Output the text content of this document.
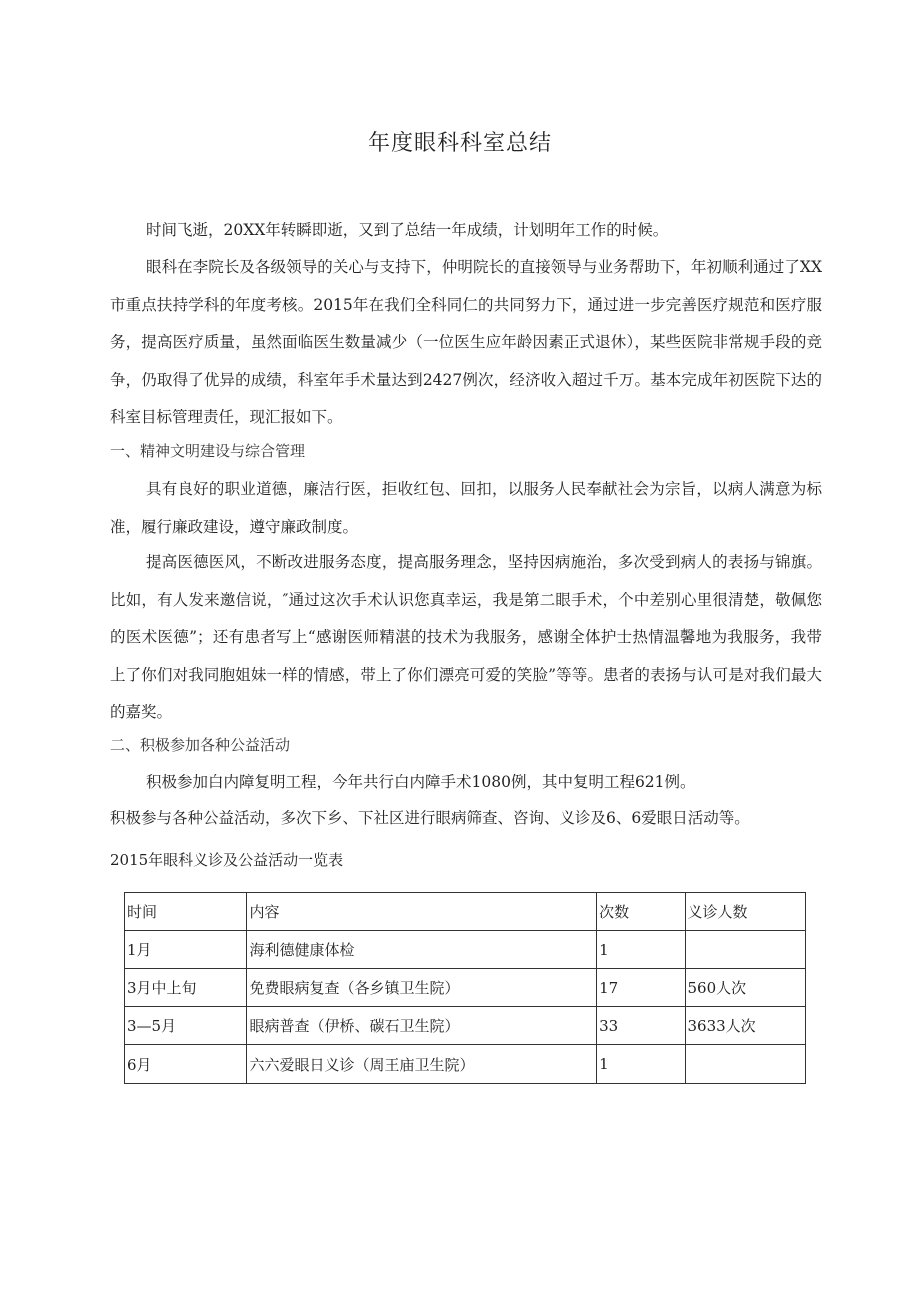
年度眼科科室总结

时间飞逝，20XX年转瞬即逝，又到了总结一年成绩，计划明年工作的时候。

眼科在李院长及各级领导的关心与支持下，仲明院长的直接领导与业务帮助下，年初顺利通过了XX市重点扶持学科的年度考核。2015年在我们全科同仁的共同努力下，通过进一步完善医疗规范和医疗服务，提高医疗质量，虽然面临医生数量减少（一位医生应年龄因素正式退休），某些医院非常规手段的竞争，仍取得了优异的成绩，科室年手术量达到2427例次，经济收入超过千万。基本完成年初医院下达的科室目标管理责任，现汇报如下。

一、精神文明建设与综合管理

具有良好的职业道德，廉洁行医，拒收红包、回扣，以服务人民奉献社会为宗旨，以病人满意为标准，履行廉政建设，遵守廉政制度。

提高医德医风，不断改进服务态度，提高服务理念，坚持因病施治，多次受到病人的表扬与锦旗。比如，有人发来邀信说，″通过这次手术认识您真幸运，我是第二眼手术，个中差别心里很清楚，敬佩您的医术医德”；还有患者写上“感谢医师精湛的技术为我服务，感谢全体护士热情温馨地为我服务，我带上了你们对我同胞姐妹一样的情感，带上了你们漂亮可爱的笑脸”等等。患者的表扬与认可是对我们最大的嘉奖。

二、积极参加各种公益活动

积极参加白内障复明工程，今年共行白内障手术1080例，其中复明工程621例。

积极参与各种公益活动，多次下乡、下社区进行眼病筛查、咨询、义诊及6、6爱眼日活动等。

2015年眼科义诊及公益活动一览表
时间	内容	次数	义诊人数
1月	海利德健康体检	1	
3月中上旬	免费眼病复查（各乡镇卫生院）	17	560人次
3—5月	眼病普查（伊桥、碳石卫生院）	33	3633人次
6月	六六爱眼日义诊（周王庙卫生院）	1	
